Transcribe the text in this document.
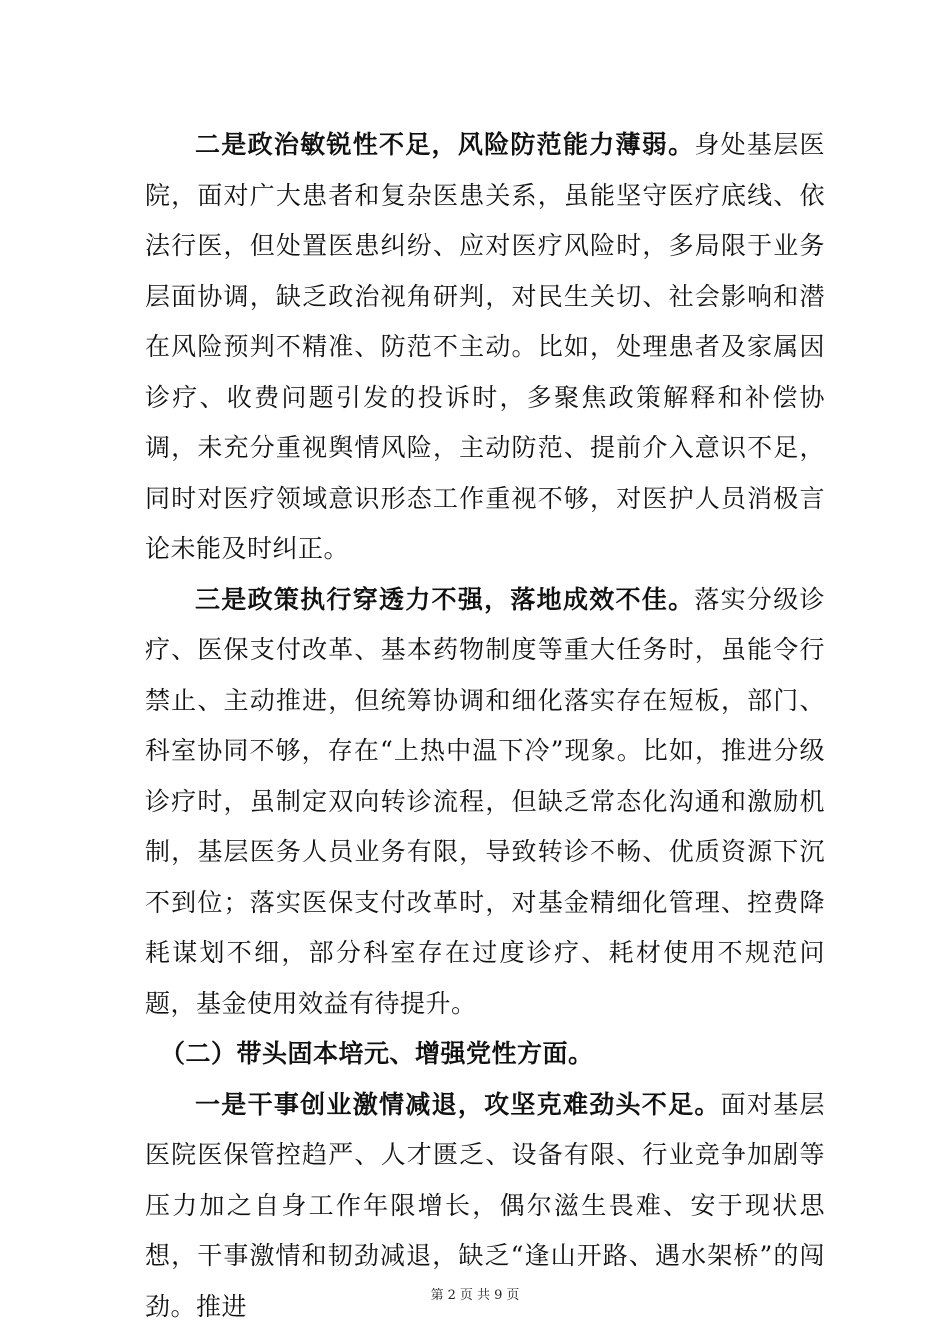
二是政治敏锐性不足，风险防范能力薄弱。身处基层医院，面对广大患者和复杂医患关系，虽能坚守医疗底线、依法行医，但处置医患纠纷、应对医疗风险时，多局限于业务层面协调，缺乏政治视角研判，对民生关切、社会影响和潜在风险预判不精准、防范不主动。比如，处理患者及家属因诊疗、收费问题引发的投诉时，多聚焦政策解释和补偿协调，未充分重视舆情风险，主动防范、提前介入意识不足，同时对医疗领域意识形态工作重视不够，对医护人员消极言论未能及时纠正。

三是政策执行穿透力不强，落地成效不佳。落实分级诊疗、医保支付改革、基本药物制度等重大任务时，虽能令行禁止、主动推进，但统筹协调和细化落实存在短板，部门、科室协同不够，存在“上热中温下冷”现象。比如，推进分级诊疗时，虽制定双向转诊流程，但缺乏常态化沟通和激励机制，基层医务人员业务有限，导致转诊不畅、优质资源下沉不到位；落实医保支付改革时，对基金精细化管理、控费降耗谋划不细，部分科室存在过度诊疗、耗材使用不规范问题，基金使用效益有待提升。

（二）带头固本培元、增强党性方面。

一是干事创业激情减退，攻坚克难劲头不足。面对基层医院医保管控趋严、人才匮乏、设备有限、行业竞争加剧等压力加之自身工作年限增长，偶尔滋生畏难、安于现状思想，干事激情和韧劲减退，缺乏“逢山开路、遇水架桥”的闯劲。推进	第 2 页 共 9 页
